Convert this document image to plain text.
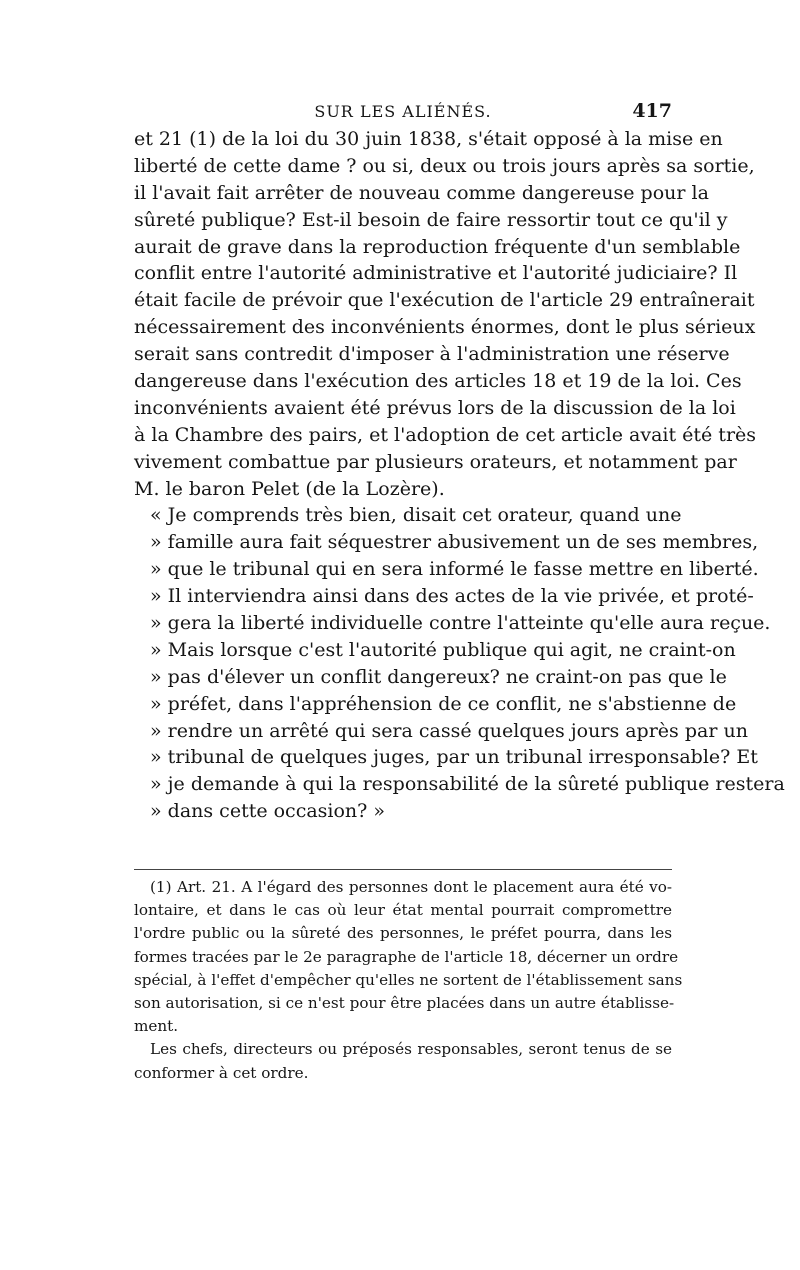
SUR LES ALIÉNÉS.	417
et 21 (1) de la loi du 30 juin 1838, s'était opposé à la mise en
liberté de cette dame ? ou si, deux ou trois jours après sa sortie,
il l'avait fait arrêter de nouveau comme dangereuse pour la
sûreté publique? Est-il besoin de faire ressortir tout ce qu'il y
aurait de grave dans la reproduction fréquente d'un semblable
conflit entre l'autorité administrative et l'autorité judiciaire? Il
était facile de prévoir que l'exécution de l'article 29 entraînerait
nécessairement des inconvénients énormes, dont le plus sérieux
serait sans contredit d'imposer à l'administration une réserve
dangereuse dans l'exécution des articles 18 et 19 de la loi. Ces
inconvénients avaient été prévus lors de la discussion de la loi
à la Chambre des pairs, et l'adoption de cet article avait été très
vivement combattue par plusieurs orateurs, et notamment par
M. le baron Pelet (de la Lozère).
« Je comprends très bien, disait cet orateur, quand une
» famille aura fait séquestrer abusivement un de ses membres,
» que le tribunal qui en sera informé le fasse mettre en liberté.
» Il interviendra ainsi dans des actes de la vie privée, et proté-
» gera la liberté individuelle contre l'atteinte qu'elle aura reçue.
» Mais lorsque c'est l'autorité publique qui agit, ne craint-on
» pas d'élever un conflit dangereux? ne craint-on pas que le
» préfet, dans l'appréhension de ce conflit, ne s'abstienne de
» rendre un arrêté qui sera cassé quelques jours après par un
» tribunal de quelques juges, par un tribunal irresponsable? Et
» je demande à qui la responsabilité de la sûreté publique restera
» dans cette occasion? »
(1) Art. 21. A l'égard des personnes dont le placement aura été vo-
lontaire, et dans le cas où leur état mental pourrait compromettre
l'ordre public ou la sûreté des personnes, le préfet pourra, dans les
formes tracées par le 2e paragraphe de l'article 18, décerner un ordre
spécial, à l'effet d'empêcher qu'elles ne sortent de l'établissement sans
son autorisation, si ce n'est pour être placées dans un autre établisse-
ment.
Les chefs, directeurs ou préposés responsables, seront tenus de se
conformer à cet ordre.
